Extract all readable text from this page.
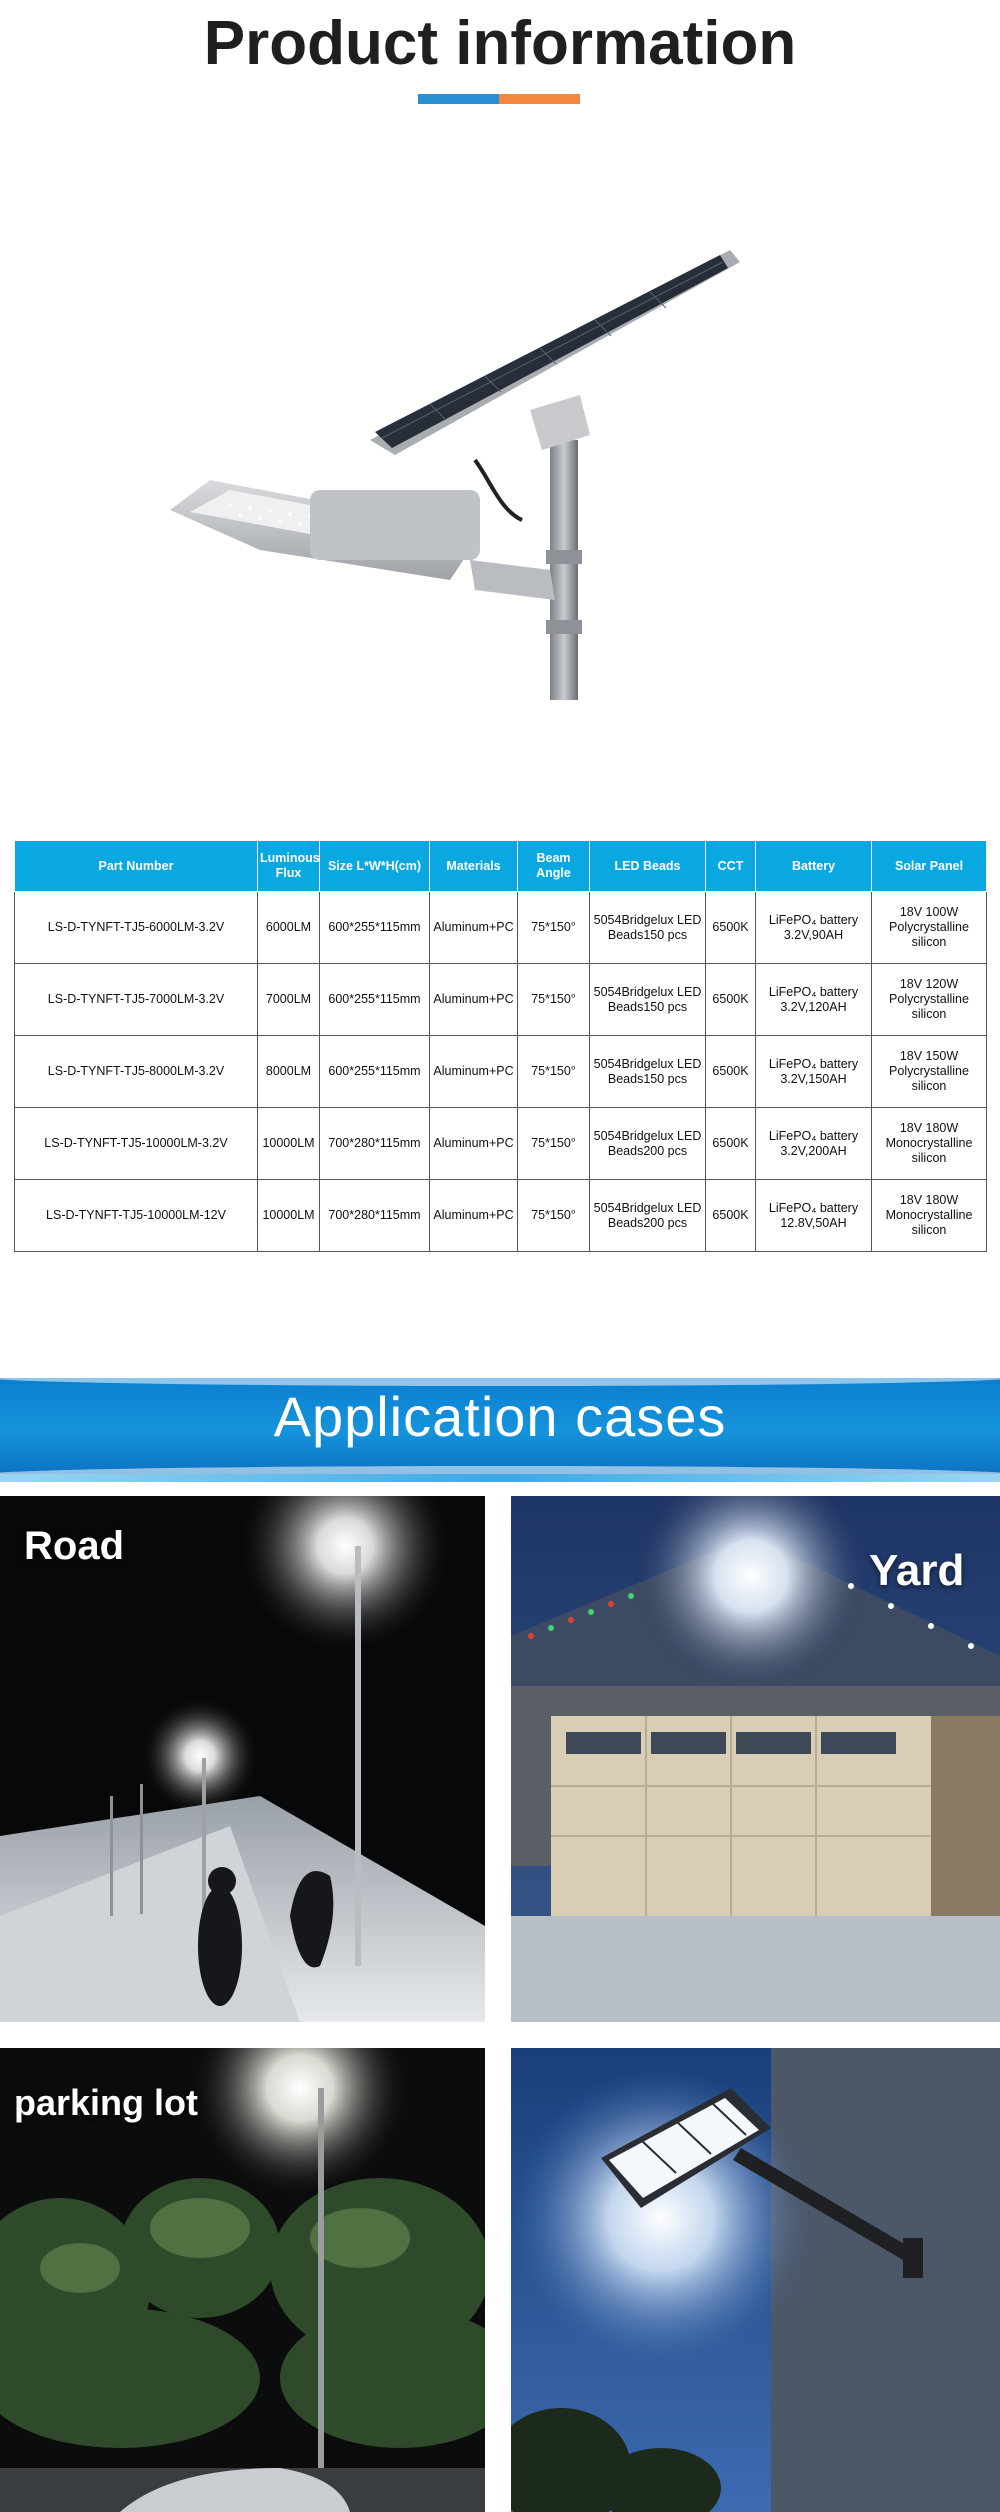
Product information
Part Number	Luminous Flux	Size L*W*H(cm)	Materials	Beam Angle	LED Beads	CCT	Battery	Solar Panel
LS-D-TYNFT-TJ5-6000LM-3.2V	6000LM	600*255*115mm	Aluminum+PC	75*150°	5054Bridgelux LED Beads150 pcs	6500K	LiFePO₄ battery 3.2V,90AH	18V 100W Polycrystalline silicon
LS-D-TYNFT-TJ5-7000LM-3.2V	7000LM	600*255*115mm	Aluminum+PC	75*150°	5054Bridgelux LED Beads150 pcs	6500K	LiFePO₄ battery 3.2V,120AH	18V 120W Polycrystalline silicon
LS-D-TYNFT-TJ5-8000LM-3.2V	8000LM	600*255*115mm	Aluminum+PC	75*150°	5054Bridgelux LED Beads150 pcs	6500K	LiFePO₄ battery 3.2V,150AH	18V 150W Polycrystalline silicon
LS-D-TYNFT-TJ5-10000LM-3.2V	10000LM	700*280*115mm	Aluminum+PC	75*150°	5054Bridgelux LED Beads200 pcs	6500K	LiFePO₄ battery 3.2V,200AH	18V 180W Monocrystalline silicon
LS-D-TYNFT-TJ5-10000LM-12V	10000LM	700*280*115mm	Aluminum+PC	75*150°	5054Bridgelux LED Beads200 pcs	6500K	LiFePO₄ battery 12.8V,50AH	18V 180W Monocrystalline silicon
Application cases
Road	Yard
parking lot
